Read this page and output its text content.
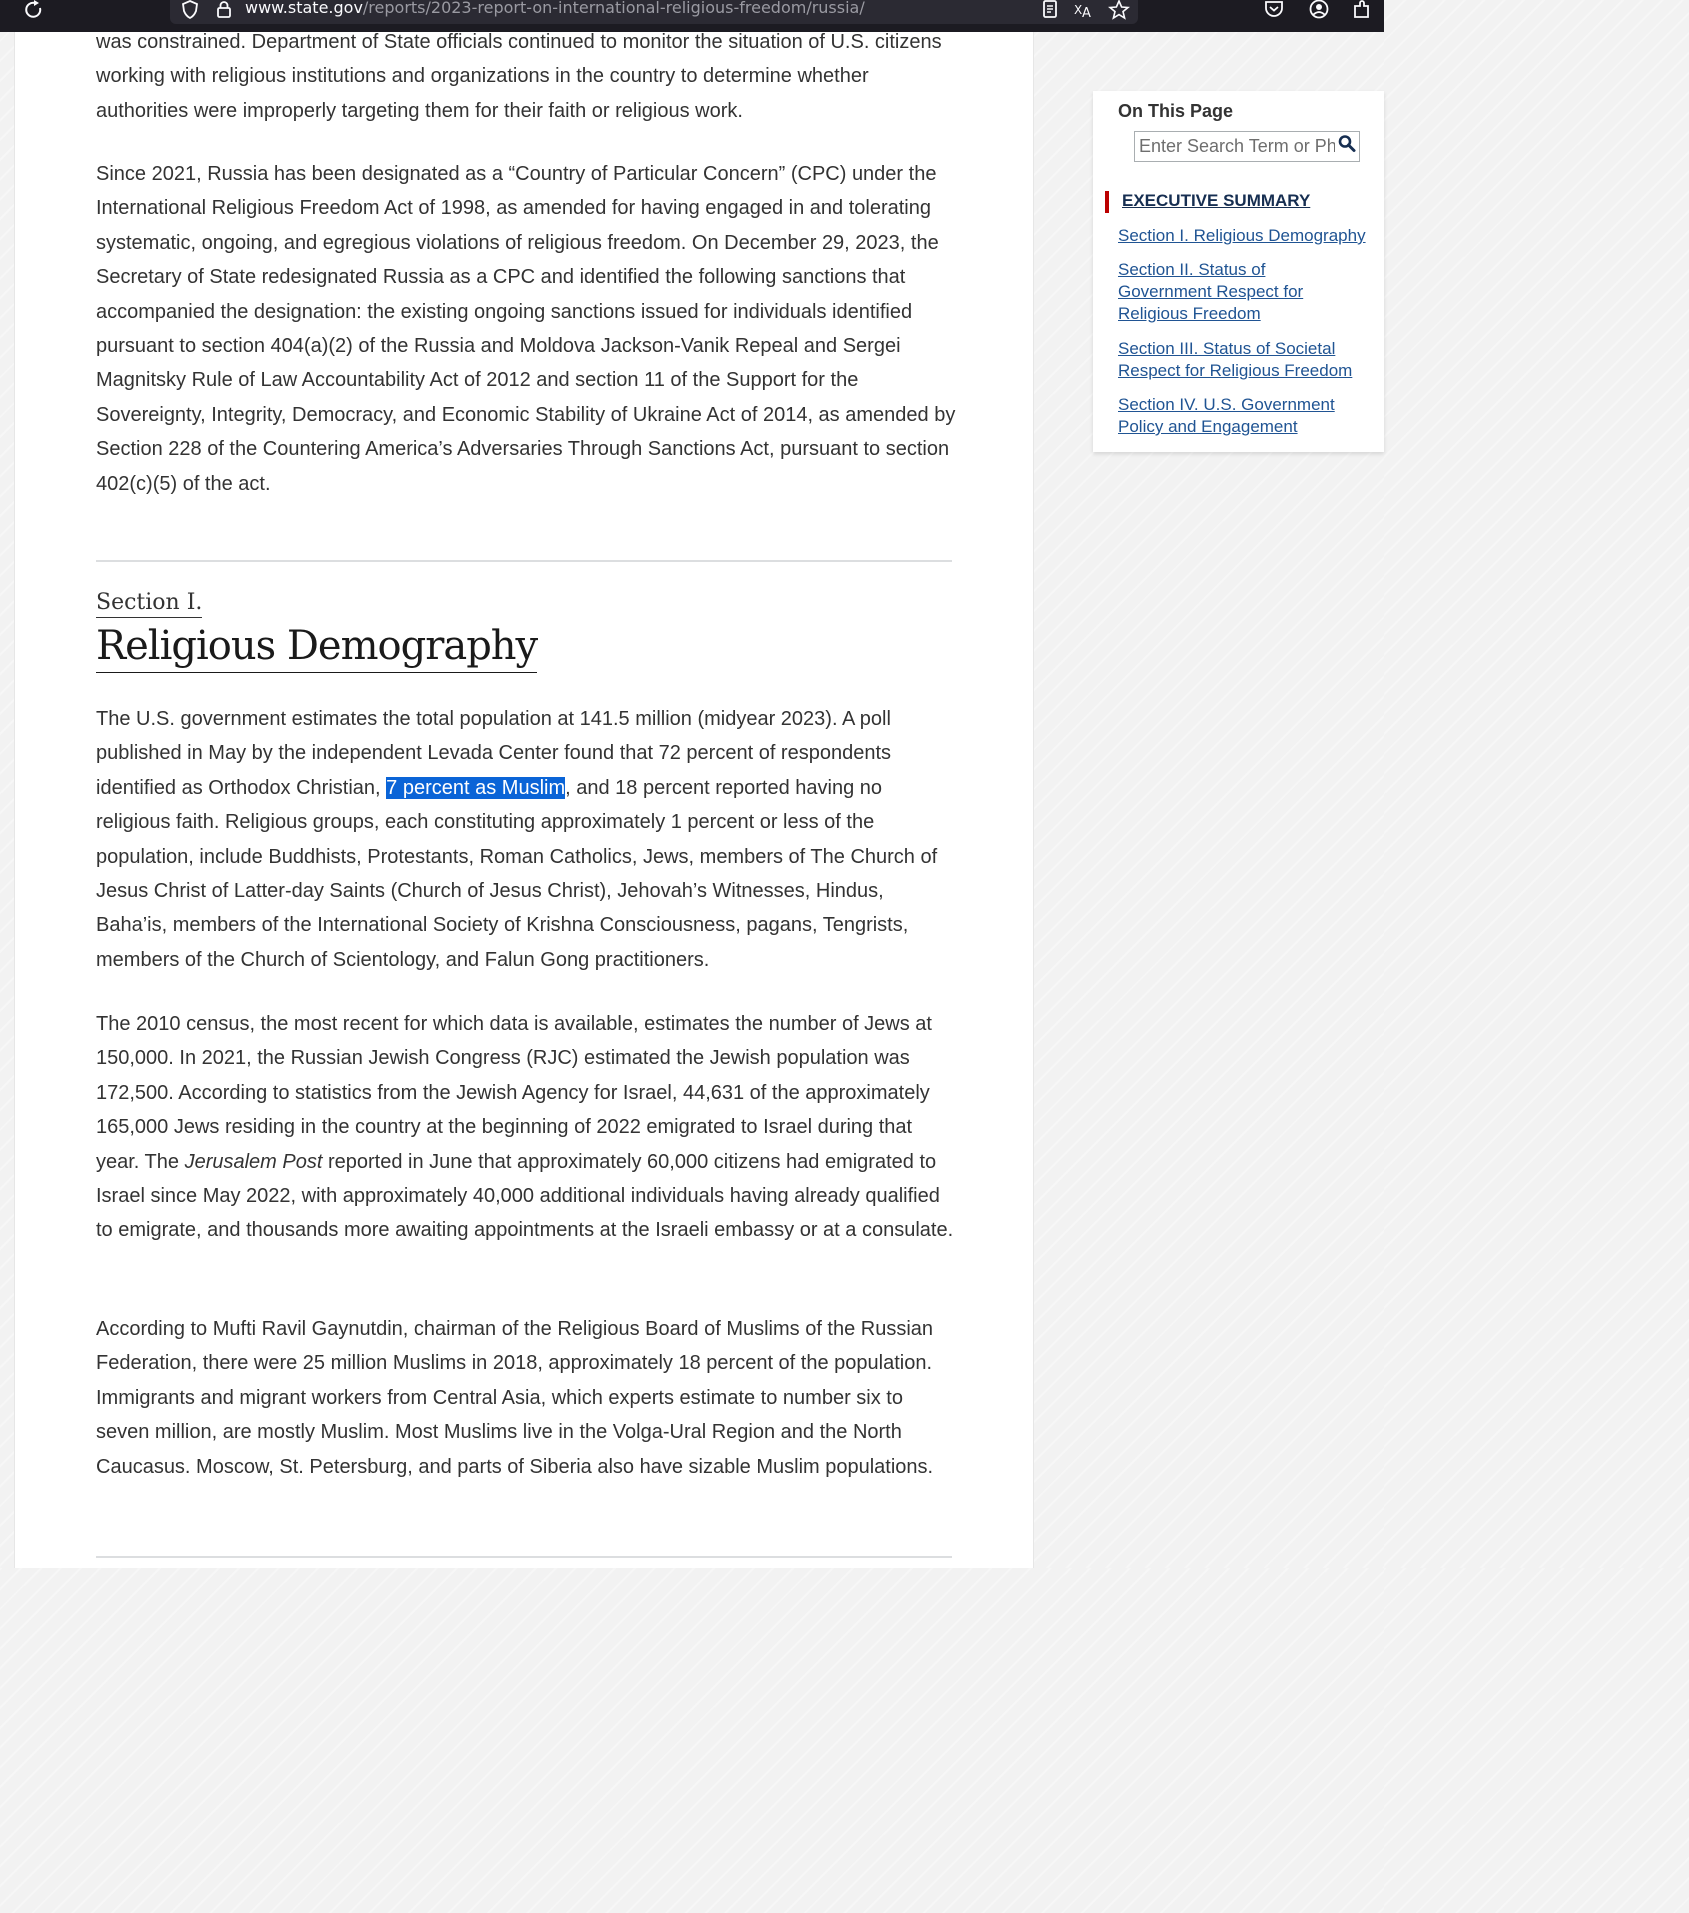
X A
www.state.gov/reports/2023-report-on-international-religious-freedom/russia/

was constrained. Department of State officials continued to monitor the situation of U.S. citizens working with religious institutions and organizations in the country to determine whether authorities were improperly targeting them for their faith or religious work.

Since 2021, Russia has been designated as a “Country of Particular Concern” (CPC) under the International Religious Freedom Act of 1998, as amended for having engaged in and tolerating systematic, ongoing, and egregious violations of religious freedom. On December 29, 2023, the Secretary of State redesignated Russia as a CPC and identified the following sanctions that accompanied the designation: the existing ongoing sanctions issued for individuals identified pursuant to section 404(a)(2) of the Russia and Moldova Jackson-Vanik Repeal and Sergei Magnitsky Rule of Law Accountability Act of 2012 and section 11 of the Support for the Sovereignty, Integrity, Democracy, and Economic Stability of Ukraine Act of 2014, as amended by Section 228 of the Countering America’s Adversaries Through Sanctions Act, pursuant to section 402(c)(5) of the act.

Section I.
Religious Demography

The U.S. government estimates the total population at 141.5 million (midyear 2023). A poll published in May by the independent Levada Center found that 72 percent of respondents identified as Orthodox Christian, 7 percent as Muslim, and 18 percent reported having no religious faith. Religious groups, each constituting approximately 1 percent or less of the population, include Buddhists, Protestants, Roman Catholics, Jews, members of The Church of Jesus Christ of Latter-day Saints (Church of Jesus Christ), Jehovah’s Witnesses, Hindus, Baha’is, members of the International Society of Krishna Consciousness, pagans, Tengrists, members of the Church of Scientology, and Falun Gong practitioners.

The 2010 census, the most recent for which data is available, estimates the number of Jews at 150,000. In 2021, the Russian Jewish Congress (RJC) estimated the Jewish population was 172,500. According to statistics from the Jewish Agency for Israel, 44,631 of the approximately 165,000 Jews residing in the country at the beginning of 2022 emigrated to Israel during that year. The Jerusalem Post reported in June that approximately 60,000 citizens had emigrated to Israel since May 2022, with approximately 40,000 additional individuals having already qualified to emigrate, and thousands more awaiting appointments at the Israeli embassy or at a consulate.

According to Mufti Ravil Gaynutdin, chairman of the Religious Board of Muslims of the Russian Federation, there were 25 million Muslims in 2018, approximately 18 percent of the population. Immigrants and migrant workers from Central Asia, which experts estimate to number six to seven million, are mostly Muslim. Most Muslims live in the Volga-Ural Region and the North Caucasus. Moscow, St. Petersburg, and parts of Siberia also have sizable Muslim populations.

On This Page
Enter Search Term or Phrase
EXECUTIVE SUMMARY
Section I. Religious Demography
Section II. Status of Government Respect for Religious Freedom
Section III. Status of Societal Respect for Religious Freedom
Section IV. U.S. Government Policy and Engagement
